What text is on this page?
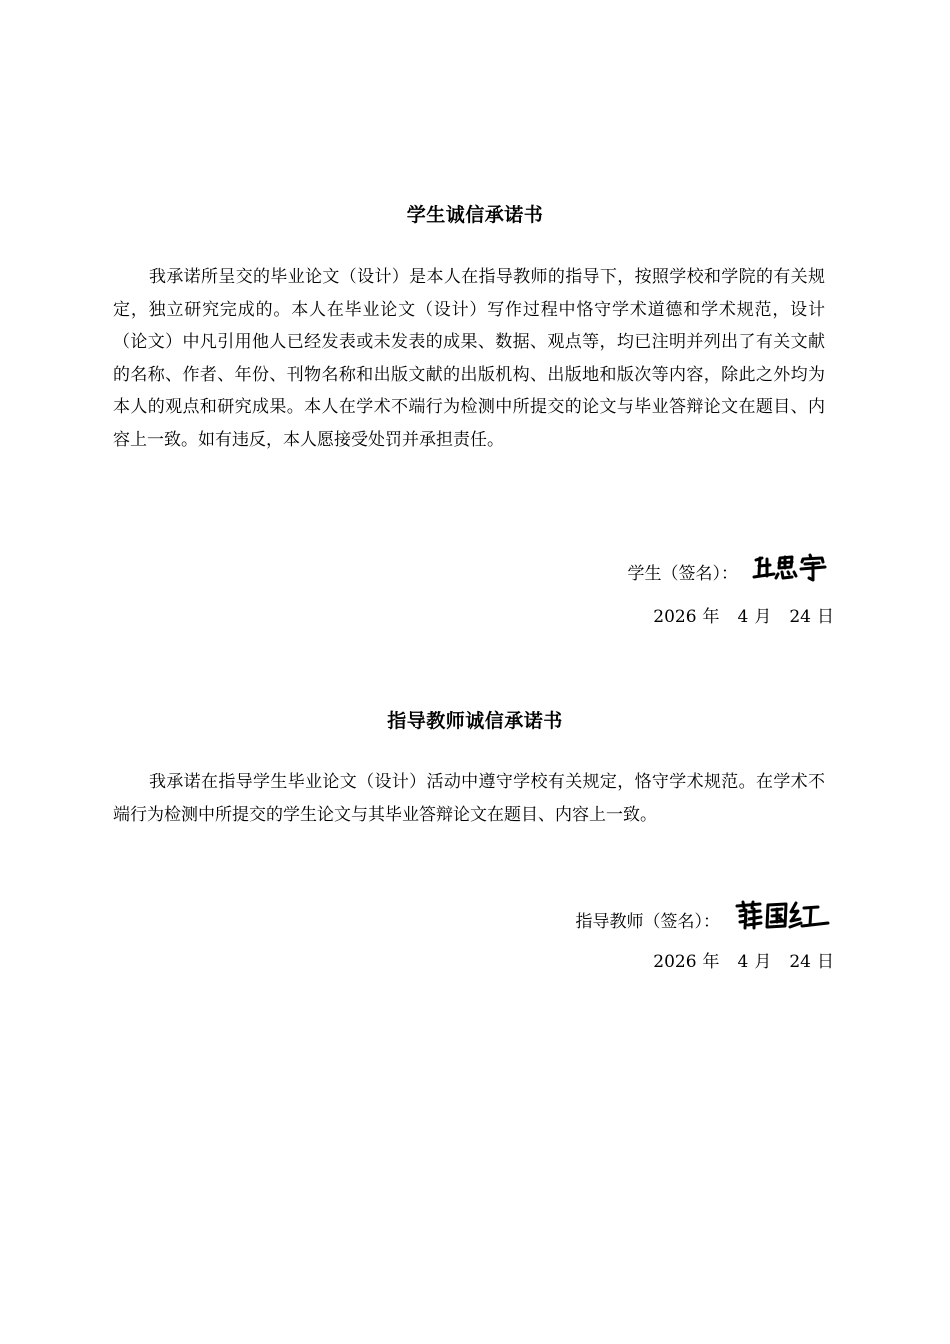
学生诚信承诺书
我承诺所呈交的毕业论文（设计）是本人在指导教师的指导下，按照学校和学院的有关规定，独立研究完成的。本人在毕业论文（设计）写作过程中恪守学术道德和学术规范，设计（论文）中凡引用他人已经发表或未发表的成果、数据、观点等，均已注明并列出了有关文献的名称、作者、年份、刊物名称和出版文献的出版机构、出版地和版次等内容，除此之外均为本人的观点和研究成果。本人在学术不端行为检测中所提交的论文与毕业答辩论文在题目、内容上一致。如有违反，本人愿接受处罚并承担责任。
学生（签名）：
2026 年 4 月 24 日
指导教师诚信承诺书
我承诺在指导学生毕业论文（设计）活动中遵守学校有关规定，恪守学术规范。在学术不端行为检测中所提交的学生论文与其毕业答辩论文在题目、内容上一致。
指导教师（签名）：
2026 年 4 月 24 日
